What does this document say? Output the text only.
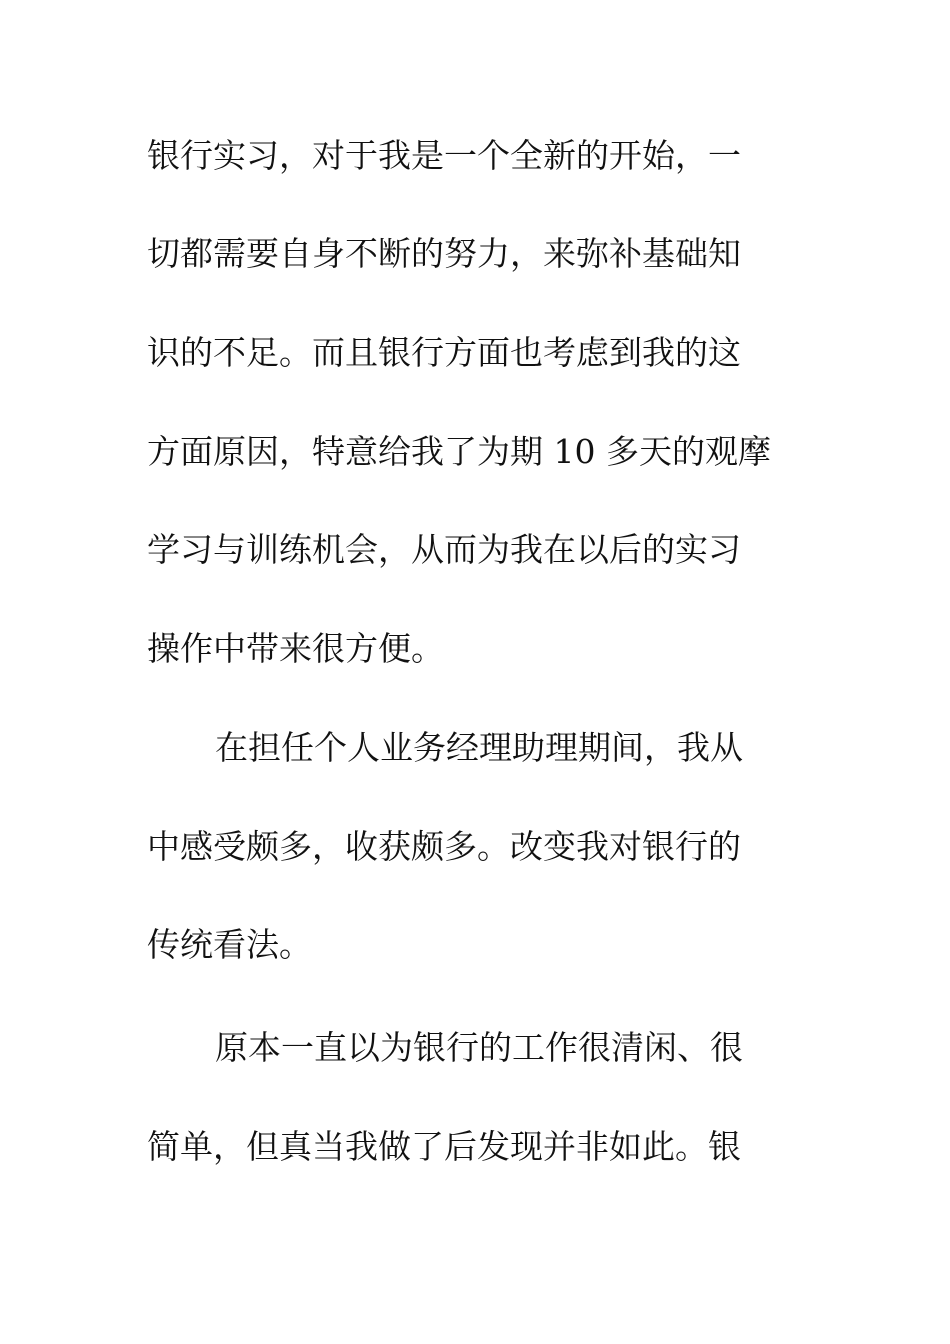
银行实习，对于我是一个全新的开始，一
切都需要自身不断的努力，来弥补基础知
识的不足。而且银行方面也考虑到我的这
方面原因，特意给我了为期 10 多天的观摩
学习与训练机会，从而为我在以后的实习
操作中带来很方便。
在担任个人业务经理助理期间，我从
中感受颇多，收获颇多。改变我对银行的
传统看法。
原本一直以为银行的工作很清闲、很
简单，但真当我做了后发现并非如此。银
